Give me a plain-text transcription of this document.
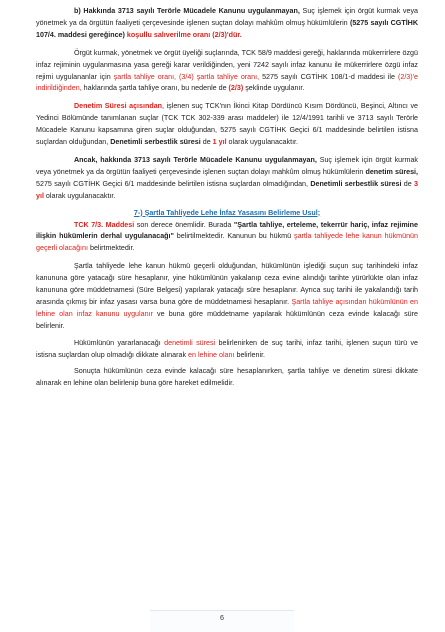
b) Hakkında 3713 sayılı Terörle Mücadele Kanunu uygulanmayan, Suç işlemek için örgüt kurmak veya yönetmek ya da örgütün faaliyeti çerçevesinde işlenen suçtan dolayı mahkûm olmuş hükümlülerin (5275 sayılı CGTİHK 107/4. maddesi gereğince) koşullu salıverilme oranı (2/3)'dür.

Örgüt kurmak, yönetmek ve örgüt üyeliği suçlarında, TCK 58/9 maddesi gereği, haklarında mükerrirlere özgü infaz rejiminin uygulanmasına yasa gereği karar verildiğinden, yeni 7242 sayılı infaz kanunu ile mükerrirlere özgü infaz rejimi uygulananlar için şartla tahliye oranı, (3/4) şartla tahliye oranı, 5275 sayılı CGTİHK 108/1-d maddesi ile (2/3)'e indirildiğinden, haklarında şartla tahliye oranı, bu nedenle de (2/3) şeklinde uygulanır.

Denetim Süresi açısından, işlenen suç TCK'nın İkinci Kitap Dördüncü Kısım Dördüncü, Beşinci, Altıncı ve Yedinci Bölümünde tanımlanan suçlar (TCK TCK 302-339 arası maddeler) ile 12/4/1991 tarihli ve 3713 sayılı Terörle Mücadele Kanunu kapsamına giren suçlar olduğundan, 5275 sayılı CGTİHK Geçici 6/1 maddesinde belirtilen istisna suçlardan olduğundan, Denetimli serbestlik süresi de 1 yıl olarak uygulanacaktır.

Ancak, hakkında 3713 sayılı Terörle Mücadele Kanunu uygulanmayan, Suç işlemek için örgüt kurmak veya yönetmek ya da örgütün faaliyeti çerçevesinde işlenen suçtan dolayı mahkûm olmuş hükümlülerin denetim süresi, 5275 sayılı CGTİHK Geçici 6/1 maddesinde belirtilen istisna suçlardan olmadığından, Denetimli serbestlik süresi de 3 yıl olarak uygulanacaktır.

7-) Şartla Tahliyede Lehe İnfaz Yasasını Belirleme Usul;

TCK 7/3. Maddesi son derece önemlidir. Burada "Şartla tahliye, erteleme, tekerrür hariç, infaz rejimine ilişkin hükümlerin derhal uygulanacağı" belirtilmektedir. Kanunun bu hükmü şartla tahliyede lehe kanun hükmünün geçerli olacağını belirtmektedir.

Şartla tahliyede lehe kanun hükmü geçerli olduğundan, hükümlünün işlediği suçun suç tarihindeki infaz kanununa göre yatacağı süre hesaplanır, yine hükümlünün yakalanıp ceza evine alındığı tarihte yürürlükte olan infaz kanununa göre müddetnamesi (Süre Belgesi) yapılarak yatacağı süre hesaplanır. Ayrıca suç tarihi ile yakalandığı tarih arasında çıkmış bir infaz yasası varsa buna göre de müddetnamesi hesaplanır. Şartla tahliye açısından hükümlünün en lehine olan infaz kanunu uygulanır ve buna göre müddetname yapılarak hükümlünün ceza evinde kalacağı süre belirlenir.

Hükümlünün yararlanacağı denetimli süresi belirlenirken de suç tarihi, infaz tarihi, işlenen suçun türü ve istisna suçlardan olup olmadığı dikkate alınarak en lehine olanı belirlenir.

Sonuçta hükümlünün ceza evinde kalacağı süre hesaplanırken, şartla tahliye ve denetim süresi dikkate alınarak en lehine olan belirlenip buna göre hareket edilmelidir.

6
